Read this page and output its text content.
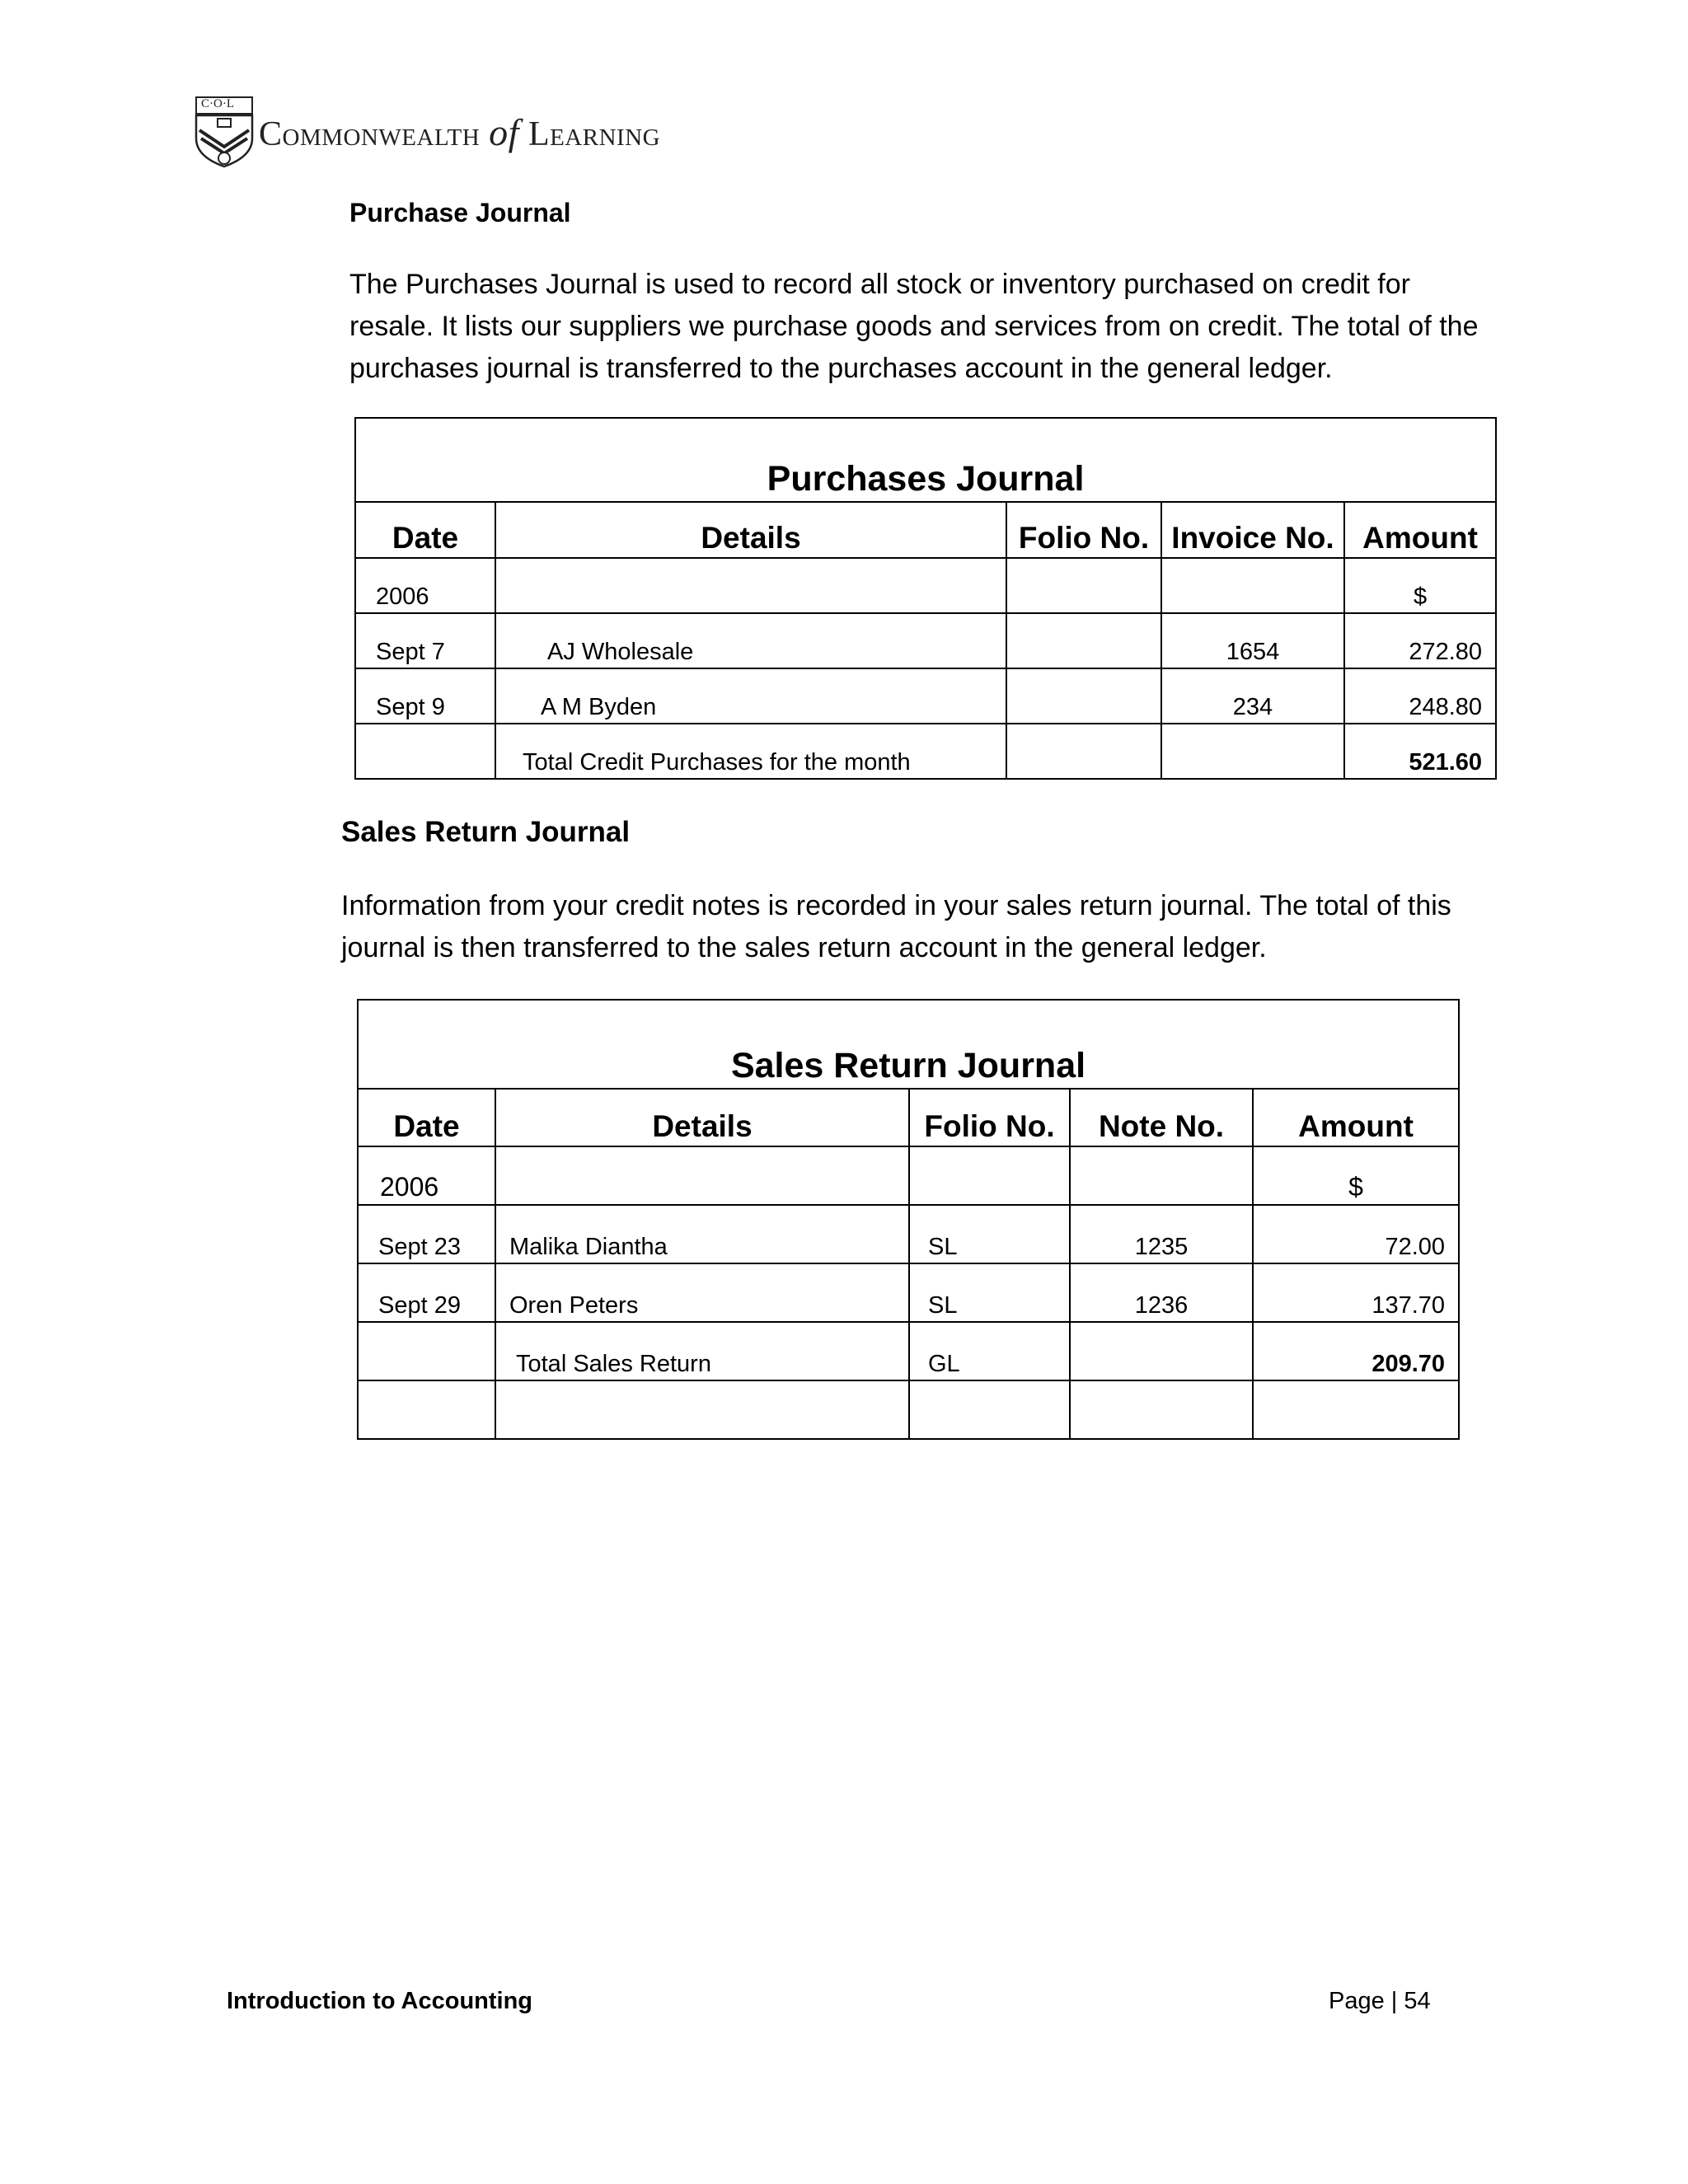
C·O·L
Commonwealth of Learning
Purchase Journal
The Purchases Journal is used to record all stock or inventory purchased on credit for
resale. It lists our suppliers we purchase goods and services from on credit. The total of the
purchases journal is transferred to the purchases account in the general ledger.
Purchases Journal				
Date	Details	Folio No.	Invoice No.	Amount
2006				$
Sept 7	AJ Wholesale		1654	272.80
Sept 9	A M Byden		234	248.80
	Total Credit Purchases for the month			521.60
Sales Return Journal
Information from your credit notes is recorded in your sales return journal. The total of this
journal is then transferred to the sales return account in the general ledger.
Sales Return Journal				
Date	Details	Folio No.	Note No.	Amount
2006				$
Sept 23	Malika Diantha	SL	1235	72.00
Sept 29	Oren Peters	SL	1236	137.70
	Total Sales Return	GL		209.70

Introduction to Accounting	Page | 54
